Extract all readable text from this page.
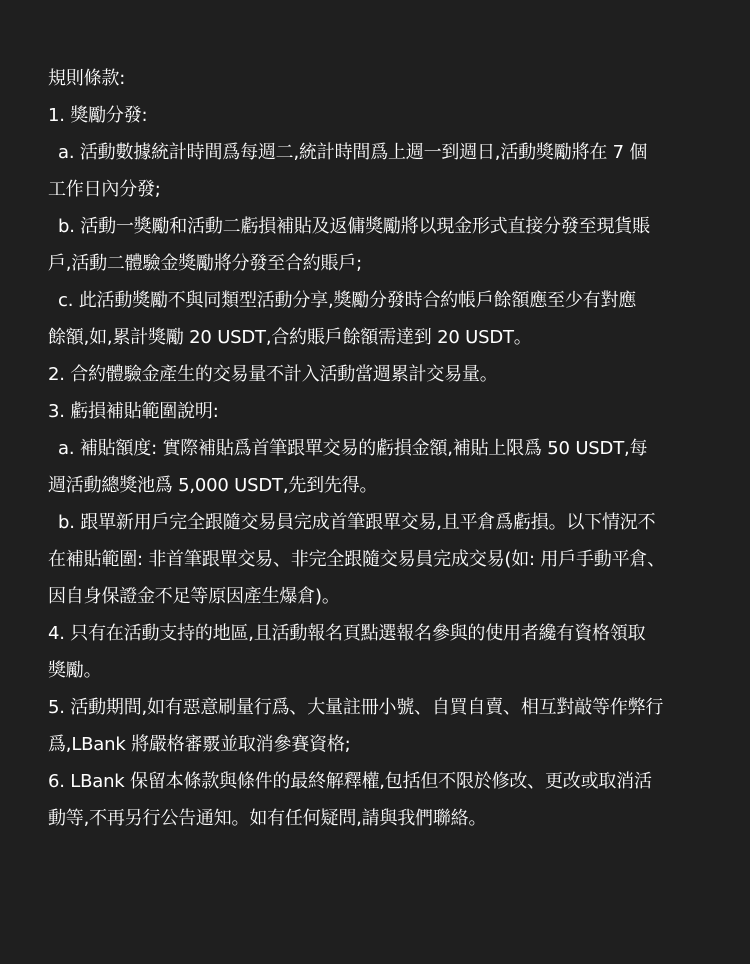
規則條款:
1. 獎勵分發:
a. 活動數據統計時間爲每週二,統計時間爲上週一到週日,活動獎勵將在 7 個
工作日內分發;
b. 活動一獎勵和活動二虧損補貼及返傭獎勵將以現金形式直接分發至現貨賬
戶,活動二體驗金獎勵將分發至合約賬戶;
c. 此活動獎勵不與同類型活動分享,獎勵分發時合約帳戶餘額應至少有對應
餘額,如,累計獎勵 20 USDT,合約賬戶餘額需達到 20 USDT。
2. 合約體驗金產生的交易量不計入活動當週累計交易量。
3. 虧損補貼範圍說明:
a. 補貼額度: 實際補貼爲首筆跟單交易的虧損金額,補貼上限爲 50 USDT,每
週活動總獎池爲 5,000 USDT,先到先得。
b. 跟單新用戶完全跟隨交易員完成首筆跟單交易,且平倉爲虧損。以下情況不
在補貼範圍: 非首筆跟單交易、非完全跟隨交易員完成交易(如: 用戶手動平倉、
因自身保證金不足等原因產生爆倉)。
4. 只有在活動支持的地區,且活動報名頁點選報名參與的使用者纔有資格領取
獎勵。
5. 活動期間,如有惡意刷量行爲、大量註冊小號、自買自賣、相互對敲等作弊行
爲,LBank 將嚴格審覈並取消參賽資格;
6. LBank 保留本條款與條件的最終解釋權,包括但不限於修改、更改或取消活
動等,不再另行公告通知。如有任何疑問,請與我們聯絡。
